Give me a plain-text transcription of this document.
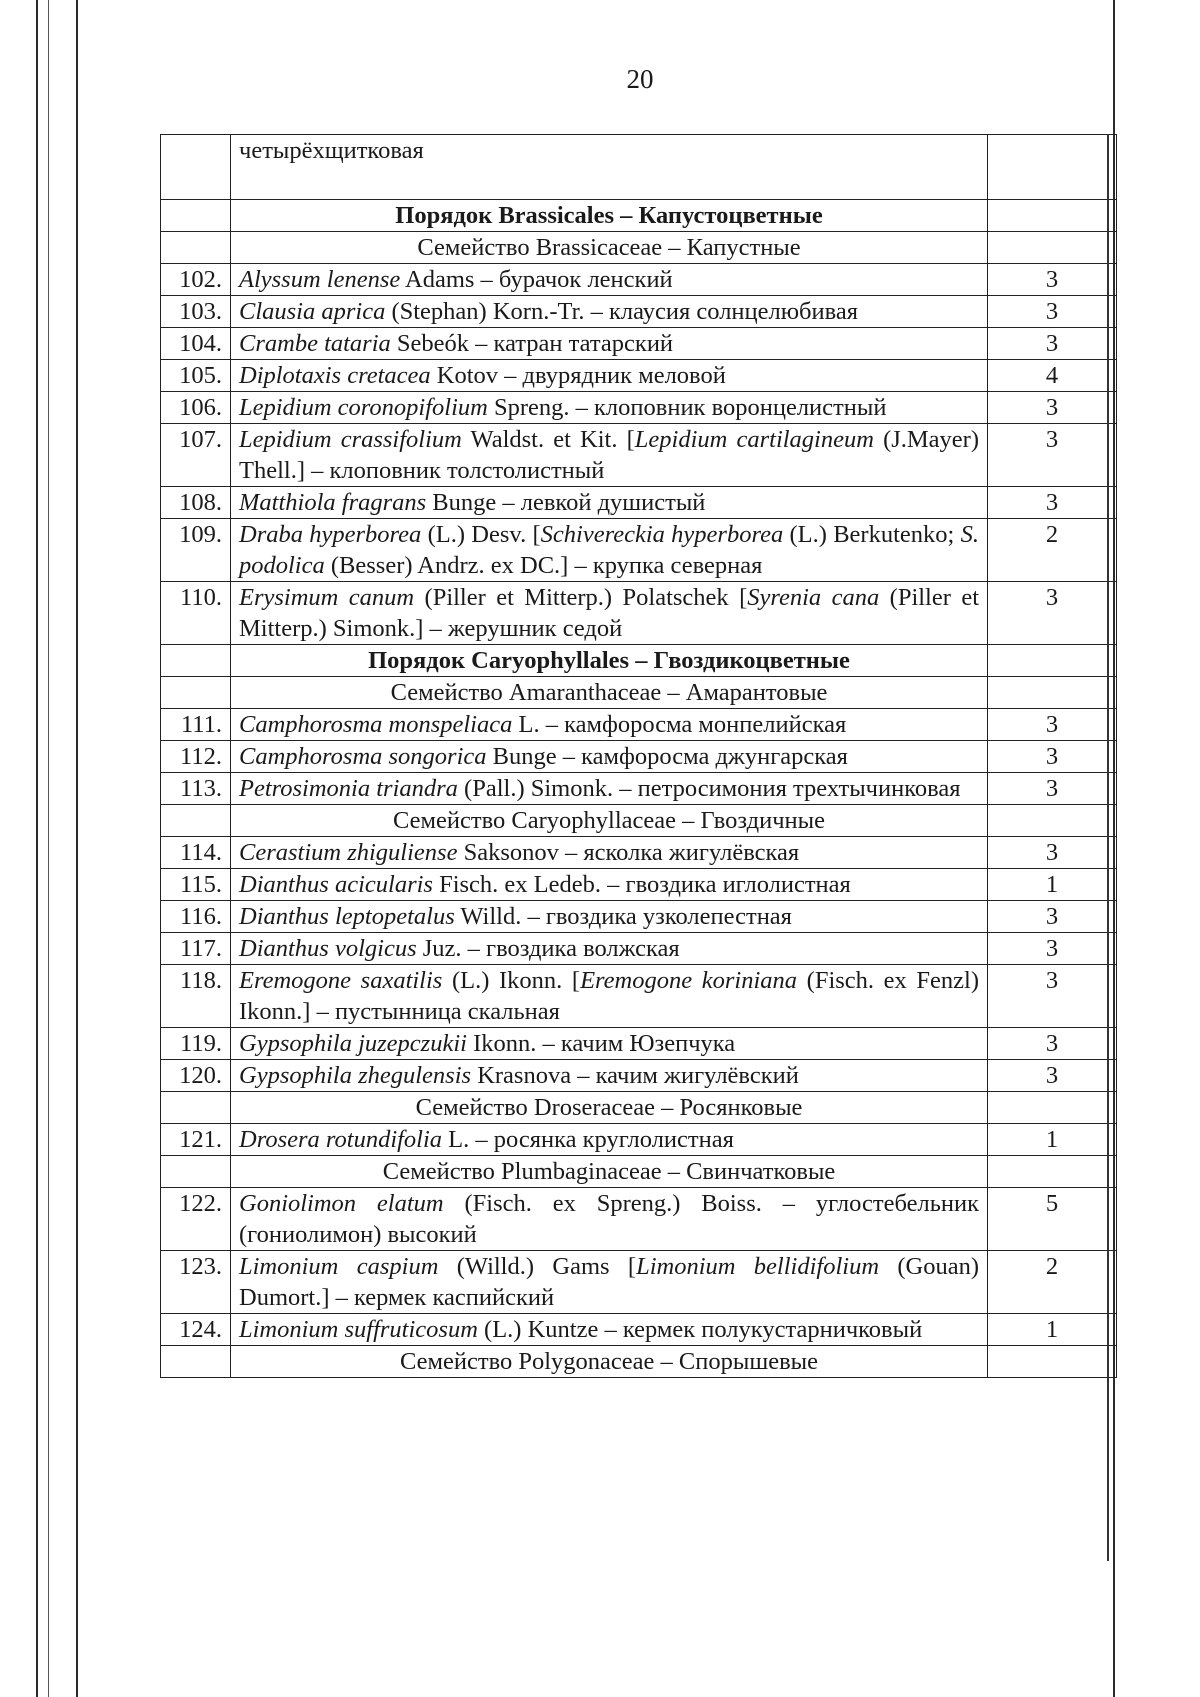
20
	четырёхщитковая	
	Порядок Brassicales – Капустоцветные	
	Семейство Brassicaceae – Капустные	
102.	Alyssum lenense Adams – бурачок ленский	3
103.	Clausia aprica (Stephan) Korn.-Tr. – клаусия солнцелюбивая	3
104.	Crambe tataria Sebeók – катран татарский	3
105.	Diplotaxis cretacea Kotov – двурядник меловой	4
106.	Lepidium coronopifolium Spreng. – клоповник воронцелистный	3
107.	Lepidium crassifolium Waldst. et Kit. [Lepidium cartilagineum (J.Mayer) Thell.] – клоповник толстолистный	3
108.	Matthiola fragrans Bunge – левкой душистый	3
109.	Draba hyperborea (L.) Desv. [Schivereckia hyperborea (L.) Berkutenko; S. podolica (Besser) Andrz. ex DC.] – крупка северная	2
110.	Erysimum canum (Piller et Mitterp.) Polatschek [Syrenia cana (Piller et Mitterp.) Simonk.] – жерушник седой	3
	Порядок Caryophyllales – Гвоздикоцветные	
	Семейство Amaranthaceae – Амарантовые	
111.	Camphorosma monspeliaca L. – камфоросма монпелийская	3
112.	Camphorosma songorica Bunge – камфоросма джунгарская	3
113.	Petrosimonia triandra (Pall.) Simonk. – петросимония трехтычинковая	3
	Семейство Caryophyllaceae – Гвоздичные	
114.	Cerastium zhiguliense Saksonov – ясколка жигулёвская	3
115.	Dianthus acicularis Fisch. ex Ledeb. – гвоздика иглолистная	1
116.	Dianthus leptopetalus Willd. – гвоздика узколепестная	3
117.	Dianthus volgicus Juz. – гвоздика волжская	3
118.	Eremogone saxatilis (L.) Ikonn. [Eremogone koriniana (Fisch. ex Fenzl) Ikonn.] – пустынница скальная	3
119.	Gypsophila juzepczukii Ikonn. – качим Юзепчука	3
120.	Gypsophila zhegulensis Krasnova – качим жигулёвский	3
	Семейство Droseraceae – Росянковые	
121.	Drosera rotundifolia L. – росянка круглолистная	1
	Семейство Plumbaginaceae – Свинчатковые	
122.	Goniolimon elatum (Fisch. ex Spreng.) Boiss. – углостебельник (гониолимон) высокий	5
123.	Limonium caspium (Willd.) Gams [Limonium bellidifolium (Gouan) Dumort.] – кермек каспийский	2
124.	Limonium suffruticosum (L.) Kuntze – кермек полукустарничковый	1
	Семейство Polygonaceae – Спорышевые	
